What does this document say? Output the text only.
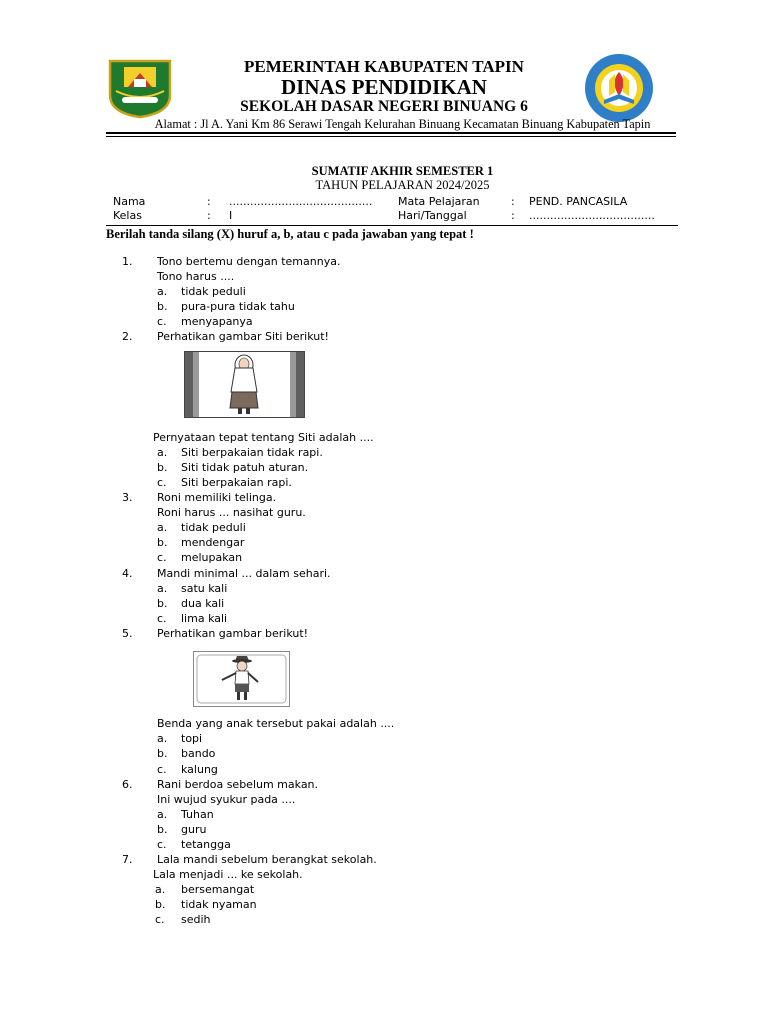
PEMERINTAH KABUPATEN TAPIN
DINAS PENDIDIKAN
SEKOLAH DASAR NEGERI BINUANG 6
Alamat : Jl A. Yani Km 86 Serawi Tengah Kelurahan Binuang Kecamatan Binuang Kabupaten Tapin
SUMATIF AKHIR SEMESTER 1
TAHUN PELAJARAN 2024/2025
Nama	: ......................................... Mata Pelajaran	: PEND. PANCASILA
Kelas	: I	Hari/Tanggal	: ....................................
Berilah tanda silang (X) huruf a, b, atau c pada jawaban yang tepat !
1. Tono bertemu dengan temannya.
Tono harus ....
a. tidak peduli
b. pura-pura tidak tahu
c. menyapanya
2. Perhatikan gambar Siti berikut!
Pernyataan tepat tentang Siti adalah ....
a. Siti berpakaian tidak rapi.
b. Siti tidak patuh aturan.
c. Siti berpakaian rapi.
3. Roni memiliki telinga.
Roni harus ... nasihat guru.
a. tidak peduli
b. mendengar
c. melupakan
4. Mandi minimal ... dalam sehari.
a. satu kali
b. dua kali
c. lima kali
5. Perhatikan gambar berikut!
Benda yang anak tersebut pakai adalah ....
a. topi
b. bando
c. kalung
6. Rani berdoa sebelum makan.
Ini wujud syukur pada ....
a. Tuhan
b. guru
c. tetangga
7. Lala mandi sebelum berangkat sekolah.
Lala menjadi ... ke sekolah.
a. bersemangat
b. tidak nyaman
c. sedih
